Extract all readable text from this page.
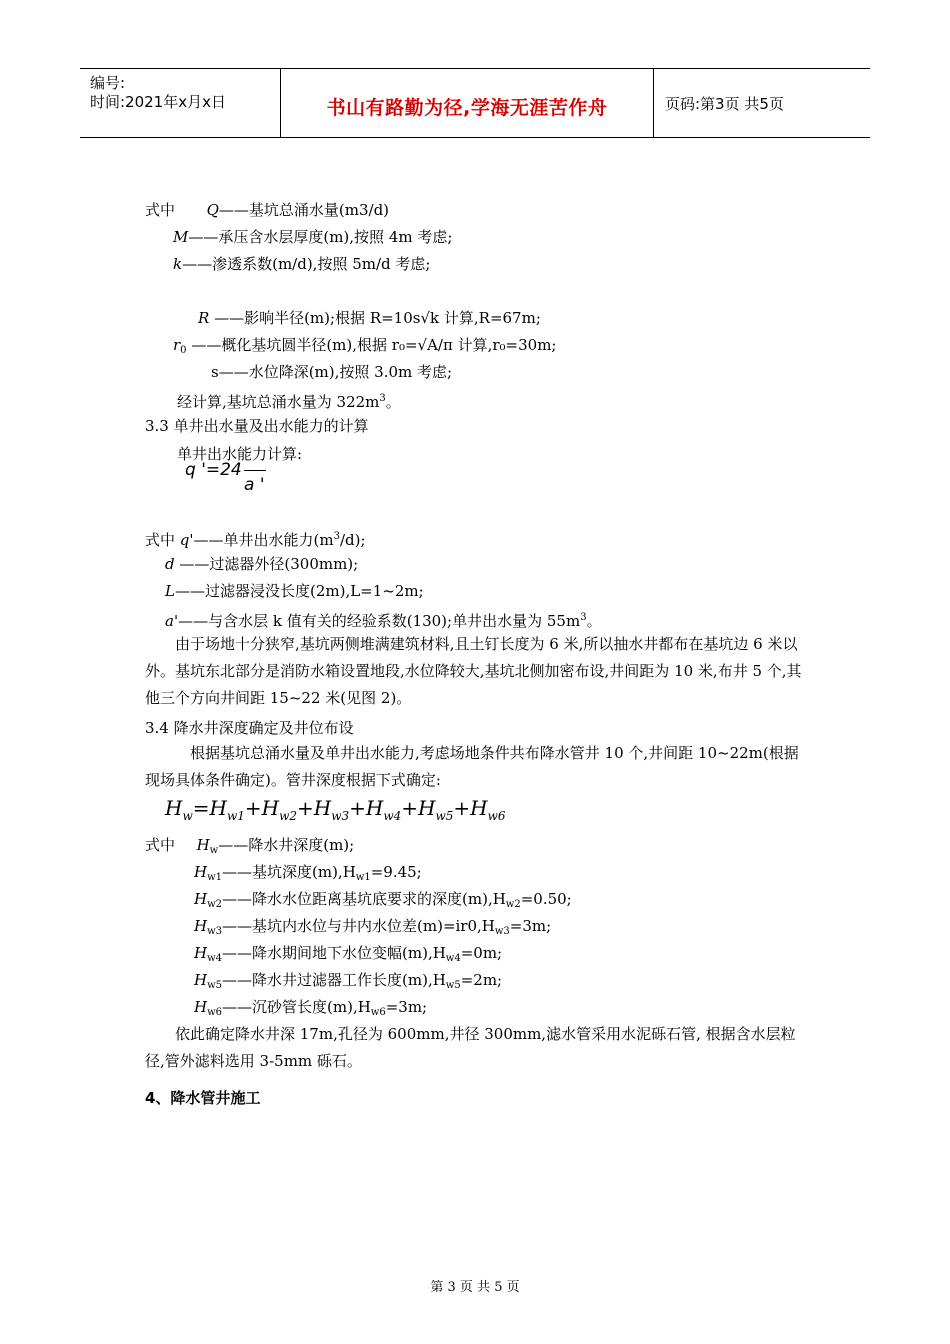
编号:
时间:2021年x月x日	书山有路勤为径,学海无涯苦作舟	页码:第3页 共5页
式中 Q——基坑总涌水量(m3/d)
M——承压含水层厚度(m),按照 4m 考虑;
k——渗透系数(m/d),按照 5m/d 考虑;
R ——影响半径(m);根据 R=10s√k 计算,R=67m;
$r_0$ ——概化基坑圆半径(m),根据 r₀=√A/π 计算,r₀=30m;
s——水位降深(m),按照 3.0m 考虑;
经计算,基坑总涌水量为 $322m^3$。
3.3 单井出水量及出水能力的计算
单井出水能力计算:
q '=24
a '
式中 q'——单井出水能力$(m^3/d)$;
d ——过滤器外径(300mm);
L——过滤器浸没长度(2m),L=1~2m;
a'——与含水层 k 值有关的经验系数(130);单井出水量为 $55m^3$。
由于场地十分狭窄,基坑两侧堆满建筑材料,且土钉长度为 6 米,所以抽水井都布在基坑边 6 米以外。基坑东北部分是消防水箱设置地段,水位降较大,基坑北侧加密布设,井间距为 10 米,布井 5 个,其他三个方向井间距 15~22 米(见图 2)。
3.4 降水井深度确定及井位布设
根据基坑总涌水量及单井出水能力,考虑场地条件共布降水管井 10 个,井间距 10~22m(根据现场具体条件确定)。管井深度根据下式确定:
$H_w=H_{w1}+H_{w2}+H_{w3}+H_{w4}+H_{w5}+H_{w6}$
式中 $H_w——$降水井深度(m);
$H_{w1}——$基坑深度$(m),H_{w1}=9.45$;
$H_{w2}——$降水水位距离基坑底要求的深度$(m),H_{w2}=0.50$;
$H_{w3}——$基坑内水位与井内水位差$(m)=ir0,H_{w3}=3m$;
$H_{w4}——$降水期间地下水位变幅$(m),H_{w4}=0m$;
$H_{w5}——$降水井过滤器工作长度$(m),H_{w5}=2m$;
$H_{w6}——$沉砂管长度$(m),H_{w6}=3m$;
依此确定降水井深 17m,孔径为 600mm,井径 300mm,滤水管采用水泥砾石管, 根据含水层粒径,管外滤料选用 3-5mm 砾石。
4、降水管井施工
第 3 页 共 5 页
